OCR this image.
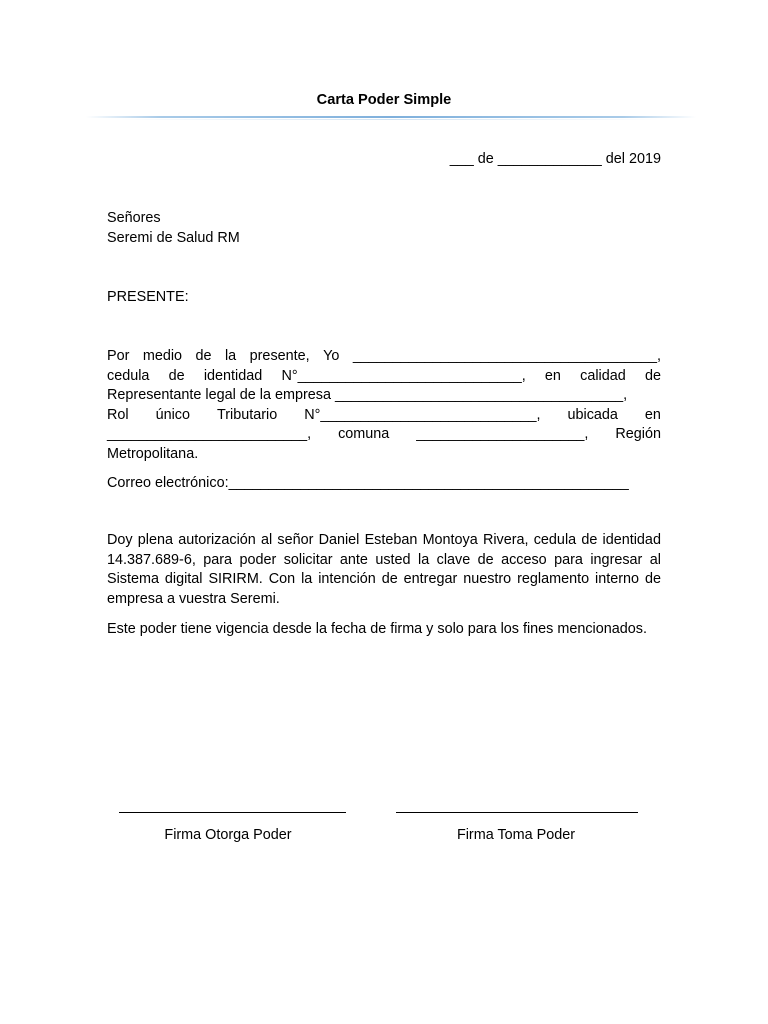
Carta Poder Simple
___ de _____________ del 2019
Señores
Seremi de Salud RM
PRESENTE:
Por medio de la presente, Yo ______________________________________,
cedula de identidad N°____________________________, en calidad de
Representante legal de la empresa ____________________________________,
Rol único Tributario N°___________________________, ubicada en
_________________________, comuna _____________________, Región
Metropolitana.
Correo electrónico:__________________________________________________
Doy plena autorización al señor Daniel Esteban Montoya Rivera, cedula de identidad
14.387.689-6, para poder solicitar ante usted la clave de acceso para ingresar al
Sistema digital SIRIRM. Con la intención de entregar nuestro reglamento interno de
empresa a vuestra Seremi.
Este poder tiene vigencia desde la fecha de firma y solo para los fines mencionados.
Firma Otorga Poder	Firma Toma Poder
